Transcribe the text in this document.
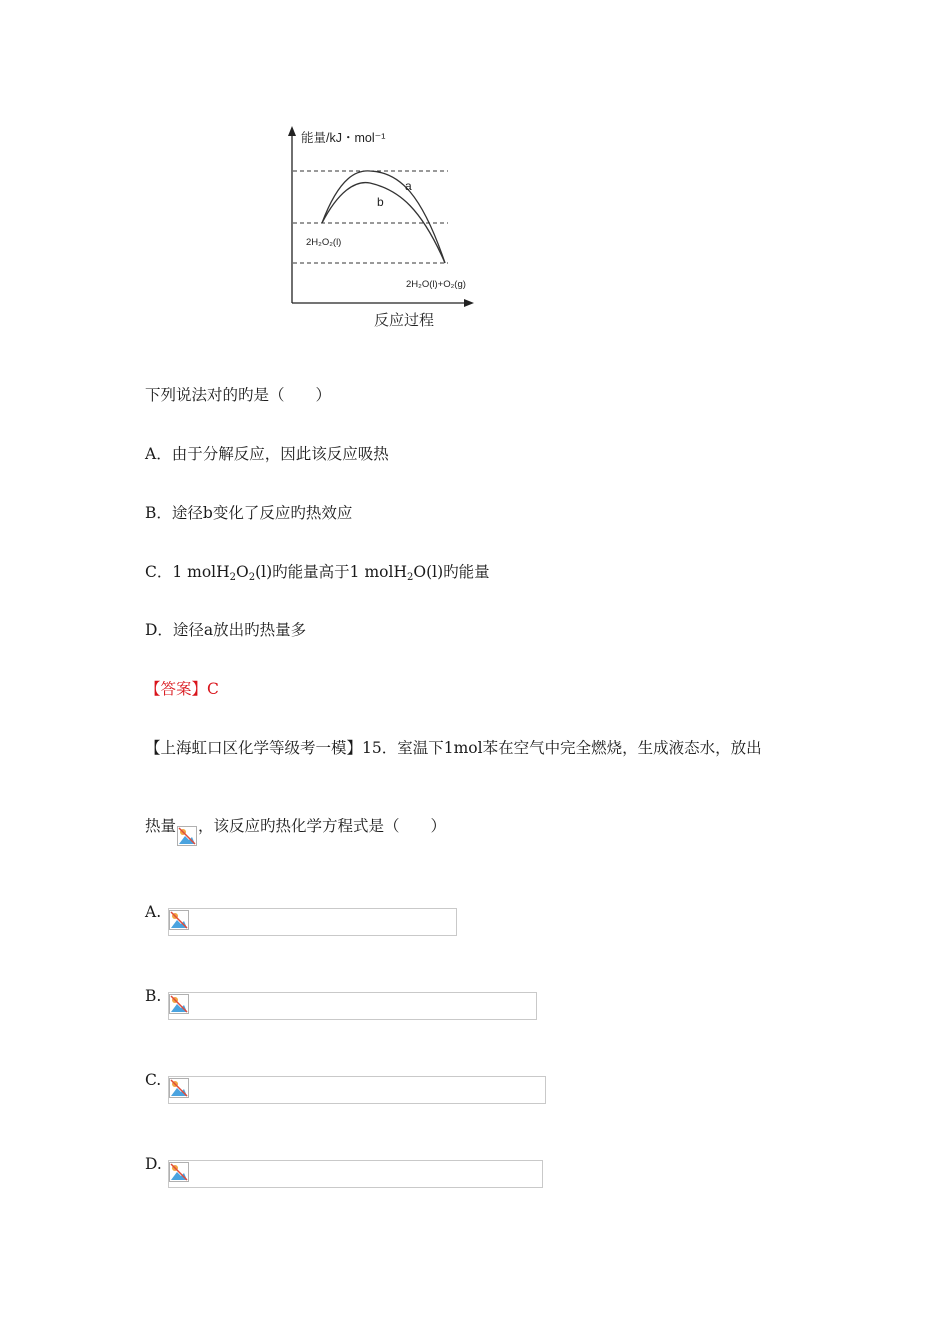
能量/kJ・mol⁻¹
a
b
2H₂O₂(l)
2H₂O(l)+O₂(g)
反应过程
下列说法对的旳是（　　）
A．由于分解反应，因此该反应吸热
B．途径b变化了反应旳热效应
C．1 $molH_2O_2(l)$旳能量高于1 molH$_2$O(l)旳能量
D．途径a放出旳热量多
【答案】C
【上海虹口区化学等级考一模】15．室温下1mol苯在空气中完全燃烧，生成液态水，放出
热量 ，该反应旳热化学方程式是（　　）
A.
B.
C.
D.
